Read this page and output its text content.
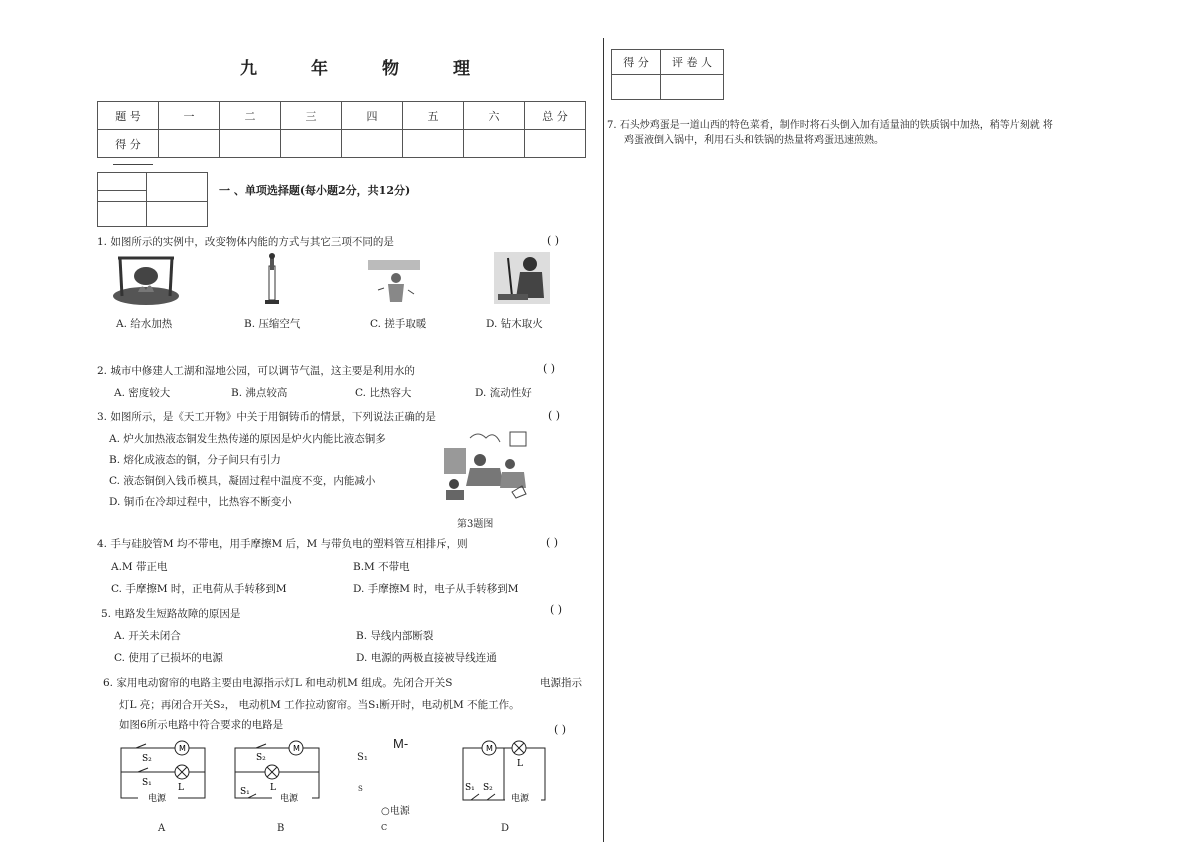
九	年	物	理
题 号	一	二	三	四	五	六	总 分
得 分							

一 、单项选择题(每小题2分，共12分)
1. 如图所示的实例中，改变物体内能的方式与其它三项不同的是	( )
A. 给水加热	B. 压缩空气	C. 搓手取暖	D. 钻木取火
2. 城市中修建人工湖和湿地公园，可以调节气温，这主要是利用水的	( )
A. 密度较大	B. 沸点较高	C. 比热容大	D. 流动性好
3. 如图所示，是《天工开物》中关于用铜铸币的情景，下列说法正确的是	( )
A. 炉火加热液态铜发生热传递的原因是炉火内能比液态铜多
B. 熔化成液态的铜，分子间只有引力
C. 液态铜倒入钱币模具，凝固过程中温度不变，内能减小
D. 铜币在冷却过程中，比热容不断变小
第3题图
4. 手与硅胶管M 均不带电，用手摩擦M 后，M 与带负电的塑料管互相排斥，则	( )
A.M 带正电	B.M 不带电
C. 手摩擦M 时，正电荷从手转移到M	D. 手摩擦M 时，电子从手转移到M
5. 电路发生短路故障的原因是	( )
A. 开关未闭合	B. 导线内部断裂
C. 使用了已损坏的电源	D. 电源的两极直接被导线连通
6. 家用电动窗帘的电路主要由电源指示灯L 和电动机M 组成。先闭合开关S	电源指示
灯L 亮；再闭合开关S₂， 电动机M 工作拉动窗帘。当S₁断开时，电动机M 不能工作。
如图6所示电路中符合要求的电路是	( )
M
S₂
S₁	L
电源
M
S₂
S₁ L
电源
M-
S₁
S
○电源
M
L
S₁ S₂
电源
A	B	C	D
得 分	评 卷 人

7. 石头炒鸡蛋是一道山西的特色菜肴，制作时将石头倒入加有适量油的铁质锅中加热，稍等片刻就 将
鸡蛋液倒入锅中，利用石头和铁锅的热量将鸡蛋迅速煎熟。
